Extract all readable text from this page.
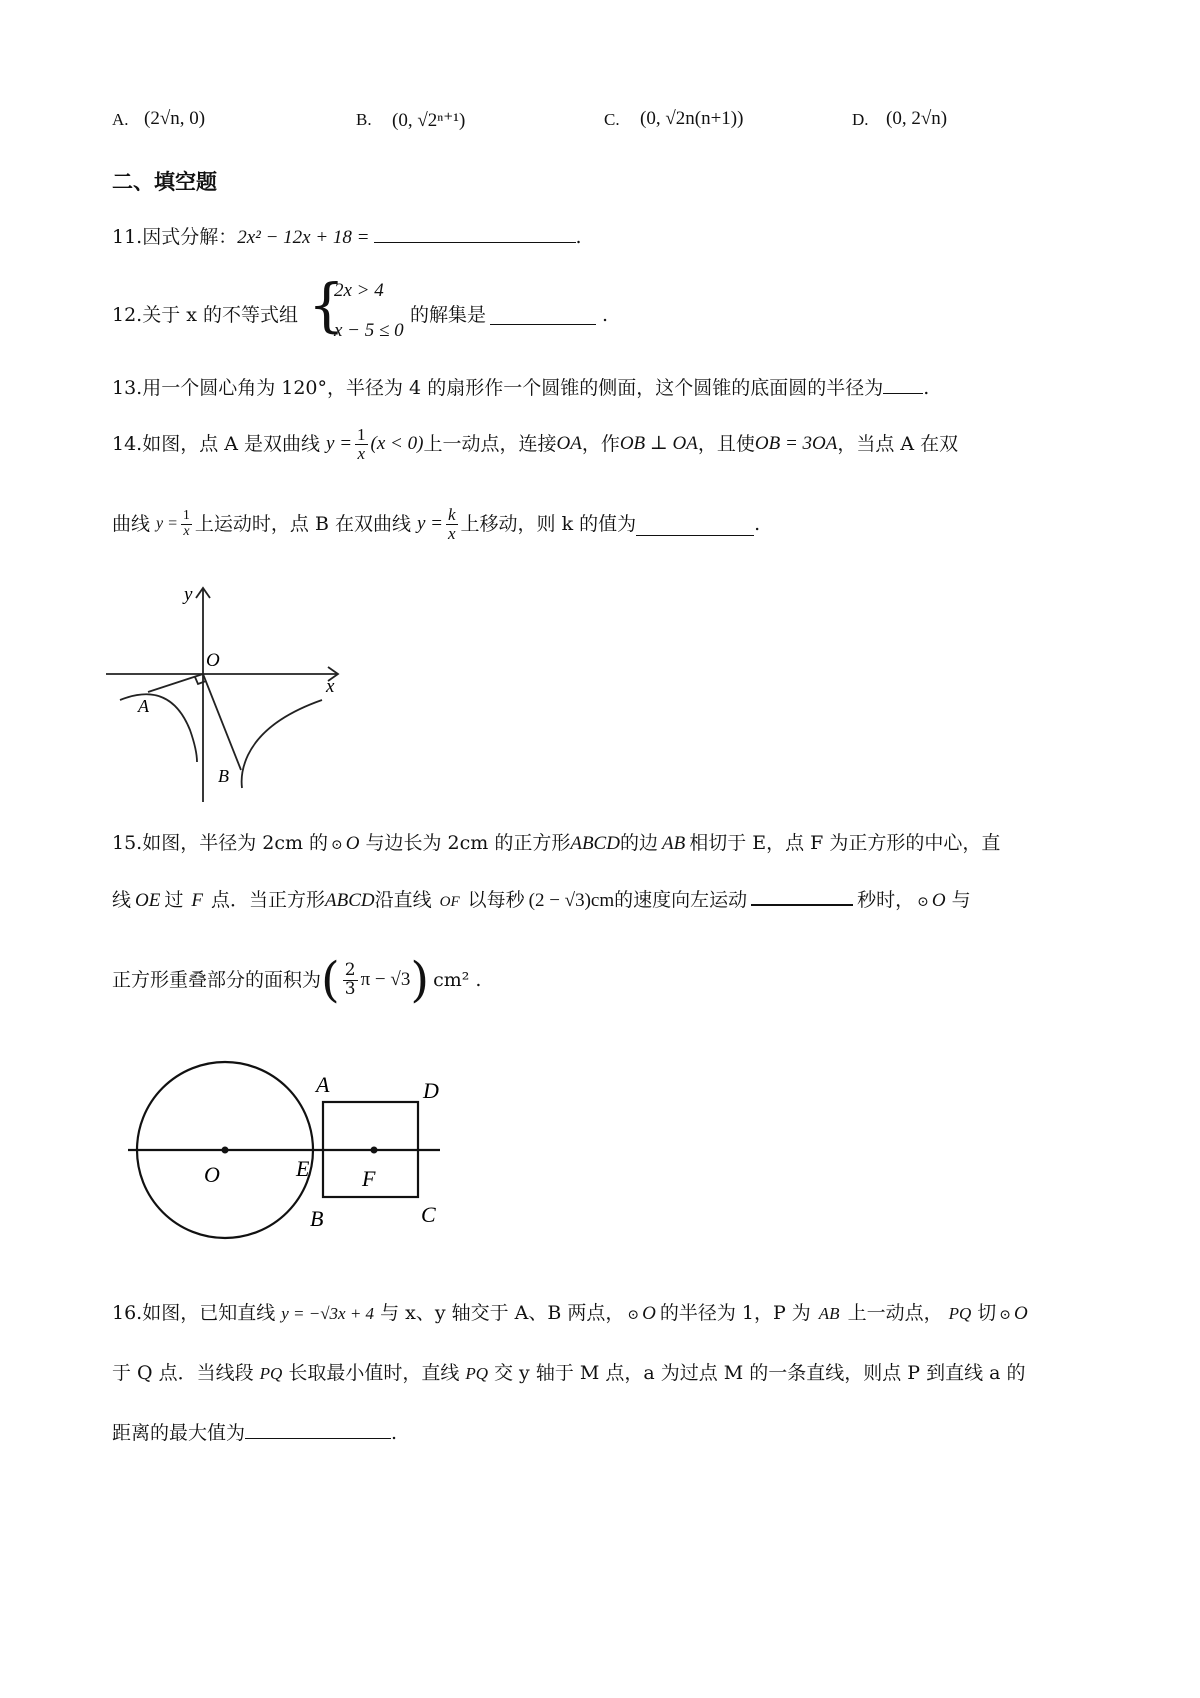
A. (2√n, 0)	B. (0, √2ⁿ⁺¹)	C. (0, √2n(n+1))	D. (0, 2√n)
二、填空题
11.因式分解：2x² − 12x + 18 =	.
12.关于 x 的不等式组 {
2x > 4
x − 5 ≤ 0
的解集是	.
13.用一个圆心角为 120°，半径为 4 的扇形作一个圆锥的侧面，这个圆锥的底面圆的半径为 .
14.如图，点 A 是双曲线 $y = \frac{1}{x} (x < 0)$ 上一动点，连接 OA ，作 OB ⊥ OA ，且使 OB = 3OA ，当点 A 在双
曲线 $y = \frac{1}{x}$ 上运动时，点 B 在双曲线 $y = \frac{k}{x}$ 上移动，则 k 的值为	.
y
x
O
A
B
15.如图，半径为 2cm 的 ⊙ O 与边长为 2cm 的正方形ABCD的边 AB 相切于 E，点 F 为正方形的中心，直
线 OE 过 F 点．当正方形ABCD沿直线 OF 以每秒 (2 − √3)cm的速度向左运动	秒时， ⊙ O 与
正方形重叠部分的面积为 ( $\frac{2}{3}$ π − √3 ) cm² .
A	D
O	E F
B	C
16.如图，已知直线 y = −√3x + 4 与 x、y 轴交于 A、B 两点， ⊙ O 的半径为 1，P 为 AB 上一动点， PQ 切 ⊙ O
于 Q 点．当线段 PQ 长取最小值时，直线 PQ 交 y 轴于 M 点，a 为过点 M 的一条直线，则点 P 到直线 a 的
距离的最大值为	.
